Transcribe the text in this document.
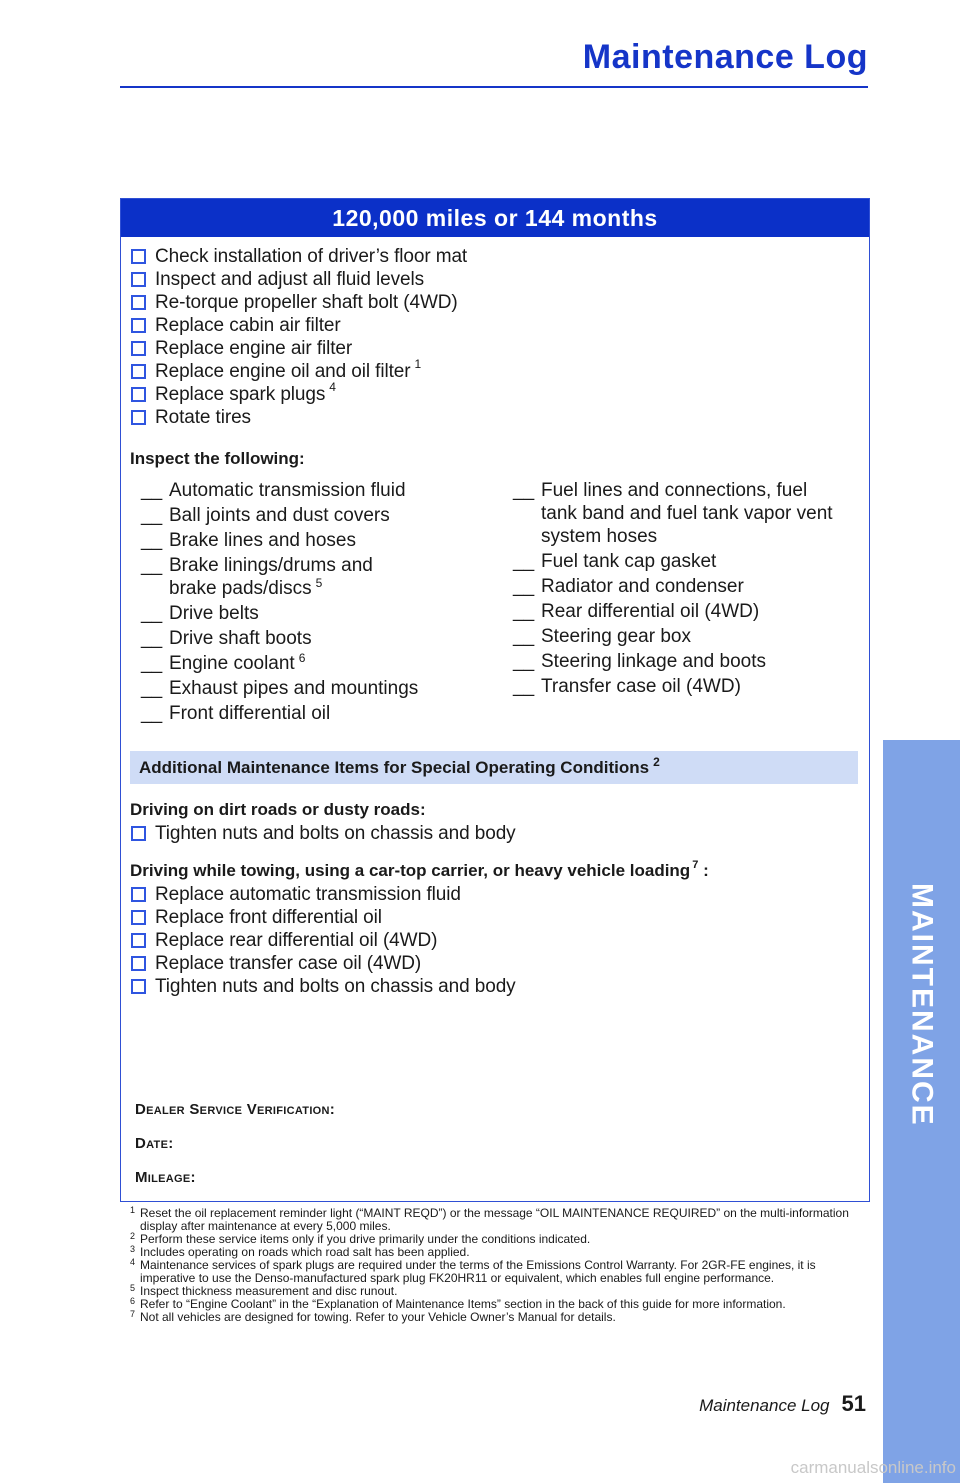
Maintenance Log
MAINTENANCE
120,000 miles or 144 months
Check installation of driver’s floor mat
Inspect and adjust all fluid levels
Re-torque propeller shaft bolt (4WD)
Replace cabin air filter
Replace engine air filter
Replace engine oil and oil filter $^1$
Replace spark plugs $^4$
Rotate tires
Inspect the following:
__ Automatic transmission fluid
__ Ball joints and dust covers
__ Brake lines and hoses
__ Brake linings/drums and brake pads/discs $^5$
__ Drive belts
__ Drive shaft boots
__ Engine coolant $^6$
__ Exhaust pipes and mountings
__ Front differential oil
__ Fuel lines and connections, fuel tank band and fuel tank vapor vent system hoses
__ Fuel tank cap gasket
__ Radiator and condenser
__ Rear differential oil (4WD)
__ Steering gear box
__ Steering linkage and boots
__ Transfer case oil (4WD)
Additional Maintenance Items for Special Operating Conditions $^2$
Driving on dirt roads or dusty roads:
Tighten nuts and bolts on chassis and body
Driving while towing, using a car-top carrier, or heavy vehicle loading $^7$ :
Replace automatic transmission fluid
Replace front differential oil
Replace rear differential oil (4WD)
Replace transfer case oil (4WD)
Tighten nuts and bolts on chassis and body
Dealer Service Verification:
Date:
Mileage:
1 Reset the oil replacement reminder light (“MAINT REQD”) or the message “OIL MAINTENANCE REQUIRED” on the multi-information display after maintenance at every 5,000 miles.
2 Perform these service items only if you drive primarily under the conditions indicated.
3 Includes operating on roads which road salt has been applied.
4 Maintenance services of spark plugs are required under the terms of the Emissions Control Warranty. For 2GR-FE engines, it is imperative to use the Denso-manufactured spark plug FK20HR11 or equivalent, which enables full engine performance.
5 Inspect thickness measurement and disc runout.
6 Refer to “Engine Coolant” in the “Explanation of Maintenance Items” section in the back of this guide for more information.
7 Not all vehicles are designed for towing. Refer to your Vehicle Owner’s Manual for details.
Maintenance Log 51
carmanualsonline.info
